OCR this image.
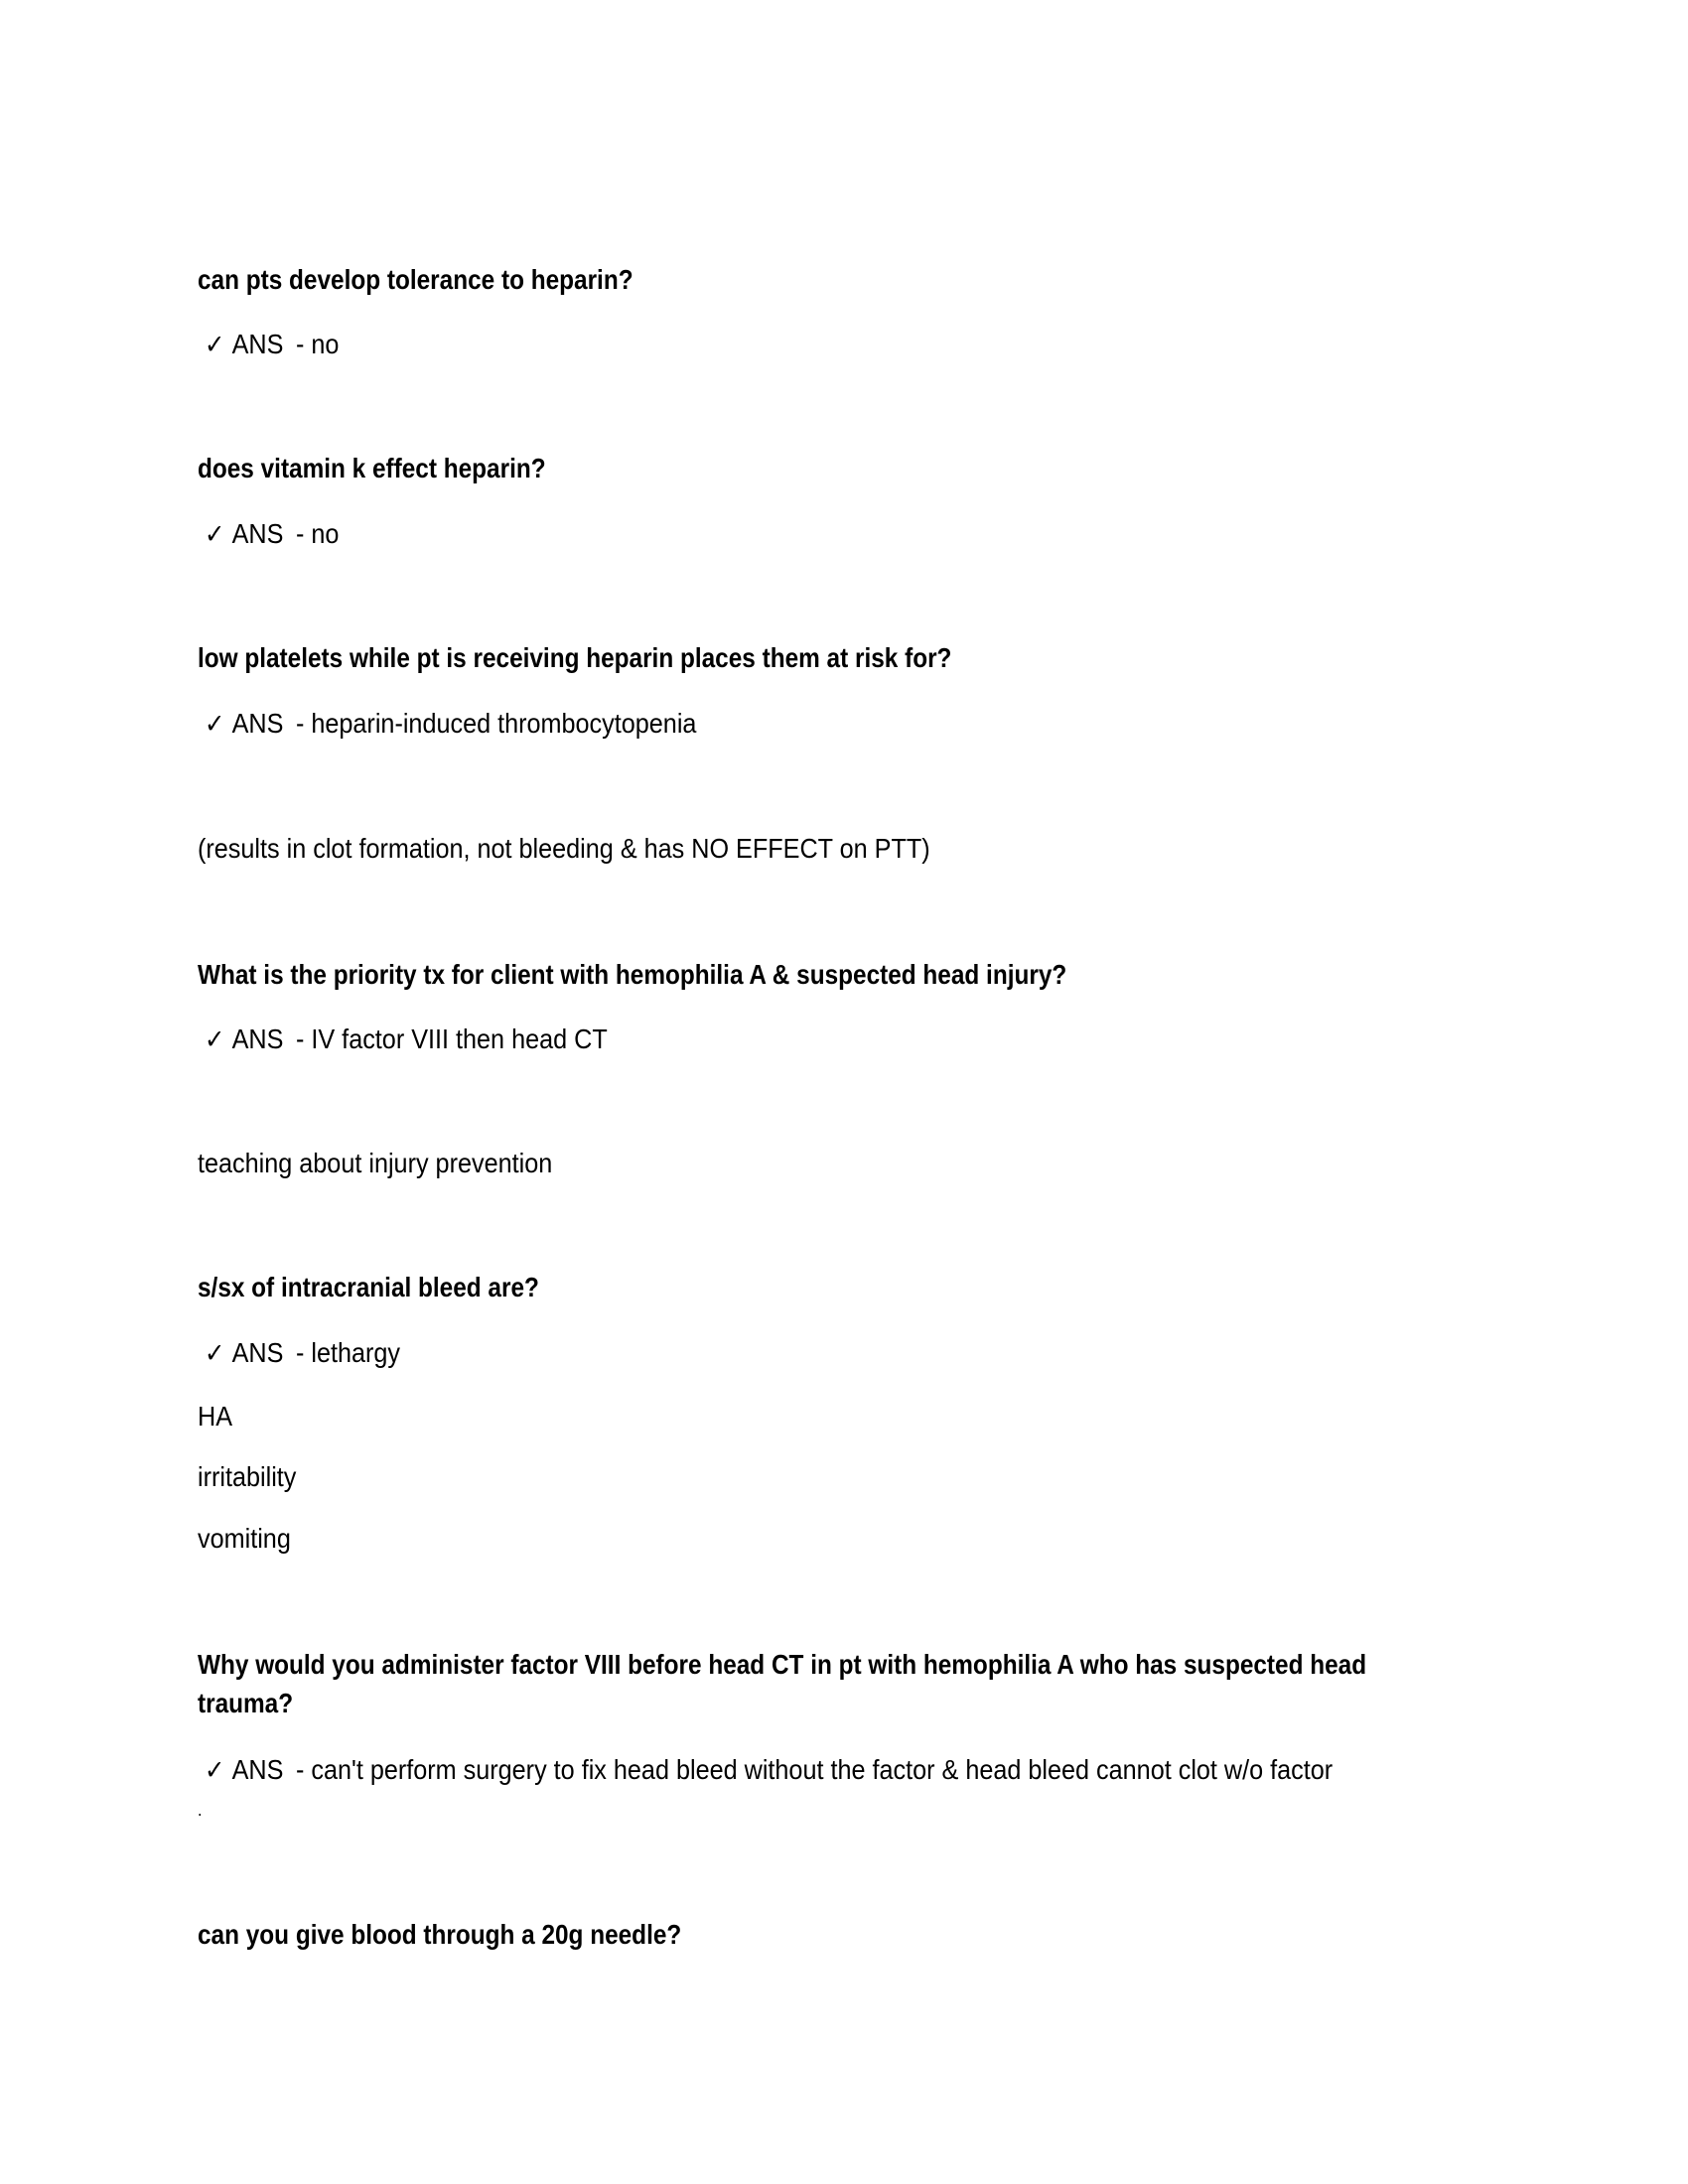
can pts develop tolerance to heparin?
✓ ANS - no
does vitamin k effect heparin?
✓ ANS - no
low platelets while pt is receiving heparin places them at risk for?
✓ ANS - heparin-induced thrombocytopenia
(results in clot formation, not bleeding & has NO EFFECT on PTT)
What is the priority tx for client with hemophilia A & suspected head injury?
✓ ANS - IV factor VIII then head CT
teaching about injury prevention
s/sx of intracranial bleed are?
✓ ANS - lethargy
HA
irritability
vomiting
Why would you administer factor VIII before head CT in pt with hemophilia A who has suspected head
trauma?
✓ ANS - can't perform surgery to fix head bleed without the factor & head bleed cannot clot w/o factor
.
can you give blood through a 20g needle?
